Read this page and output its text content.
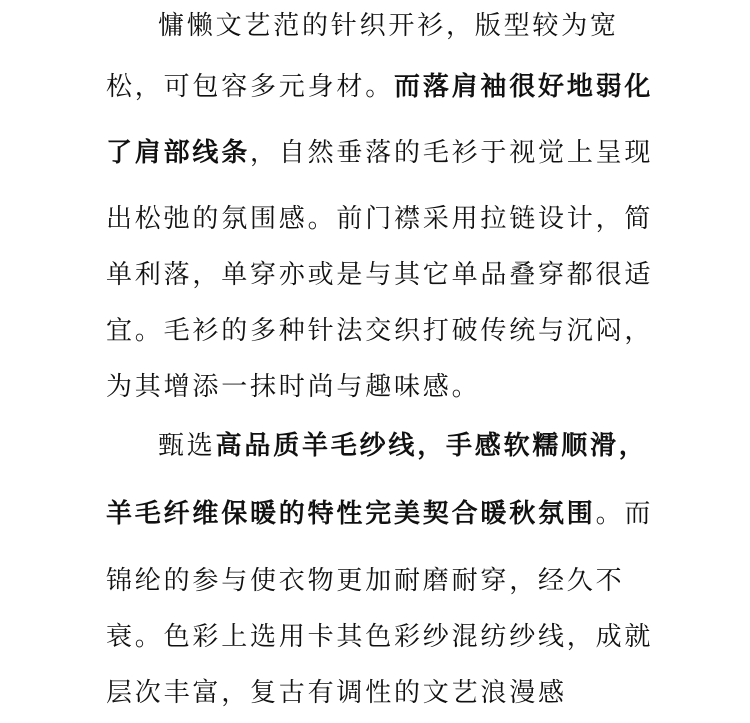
慵懒文艺范的针织开衫，版型较为宽
松，可包容多元身材。而落肩袖很好地弱化
了肩部线条，自然垂落的毛衫于视觉上呈现
出松弛的氛围感。前门襟采用拉链设计，简
单利落，单穿亦或是与其它单品叠穿都很适
宜。毛衫的多种针法交织打破传统与沉闷，
为其增添一抹时尚与趣味感。
甄选高品质羊毛纱线，手感软糯顺滑，
羊毛纤维保暖的特性完美契合暖秋氛围。而
锦纶的参与使衣物更加耐磨耐穿，经久不
衰。色彩上选用卡其色彩纱混纺纱线，成就
层次丰富，复古有调性的文艺浪漫感
